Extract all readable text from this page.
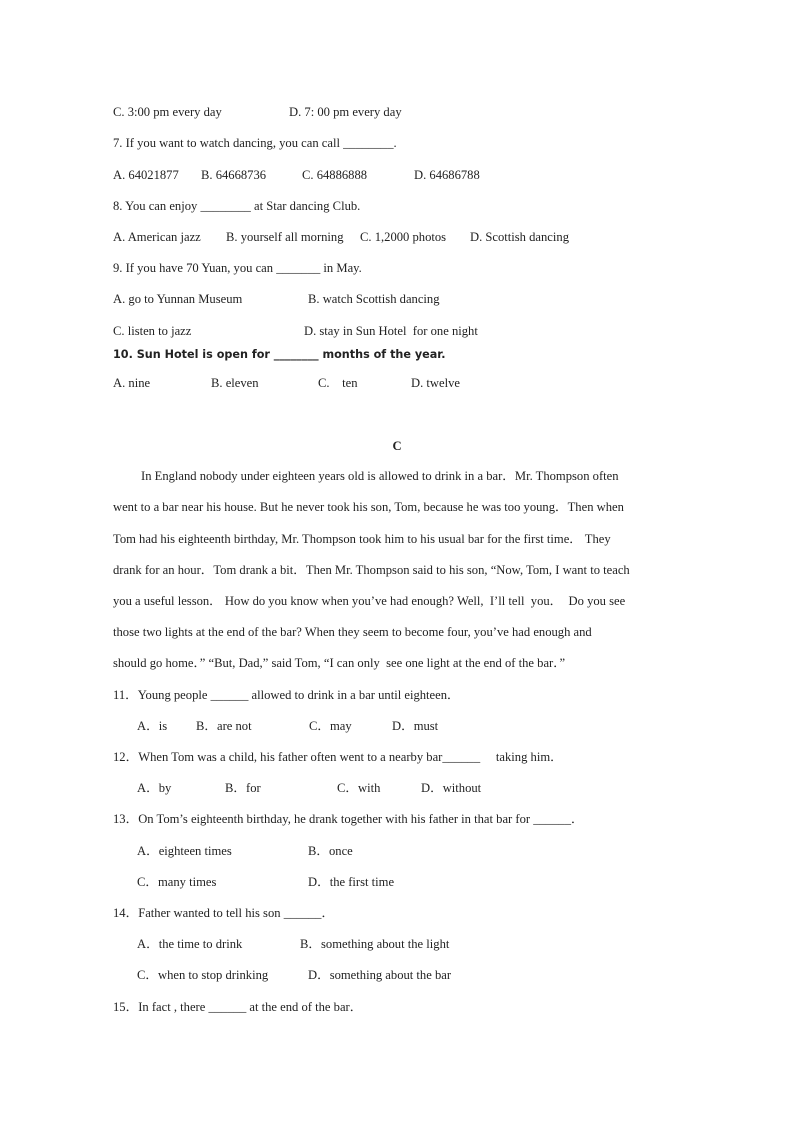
C. 3:00 pm every day	D. 7: 00 pm every day
7. If you want to watch dancing, you can call ________.
A. 64021877 B. 64668736	C. 64886888	D. 64686788
8. You can enjoy ________ at Star dancing Club.
A. American jazz B. yourself all morning C. 1,2000 photos D. Scottish dancing
9. If you have 70 Yuan, you can _______ in May.
A. go to Yunnan Museum	B. watch Scottish dancing
C. listen to jazz	D. stay in Sun Hotel  for one night
10. Sun Hotel is open for ________ months of the year.
A. nine	B. eleven	C.    ten	D. twelve
C
In England nobody under eighteen years old is allowed to drink in a bar．Mr. Thompson often
went to a bar near his house. But he never took his son, Tom, because he was too young．Then when
Tom had his eighteenth birthday, Mr. Thompson took him to his usual bar for the first time． They
drank for an hour．Tom drank a bit．Then Mr. Thompson said to his son, “Now, Tom, I want to teach
you a useful lesson． How do you know when you’ve had enough? Well,  I’ll tell  you．  Do you see
those two lights at the end of the bar? When they seem to become four, you’ve had enough and
should go home．” “But, Dad,” said Tom, “I can only  see one light at the end of the bar．”
11．Young people ______ allowed to drink in a bar until eighteen．
A．is B．are not	C．may	D．must
12．When Tom was a child, his father often went to a nearby bar______     taking him．
A．by	B．for	C．with	D．without
13．On Tom’s eighteenth birthday, he drank together with his father in that bar for ______．
A．eighteen times	B．once
C．many times	D．the first time
14．Father wanted to tell his son ______．
A．the time to drink	B．something about the light
C．when to stop drinking	D．something about the bar
15．In fact , there ______ at the end of the bar．
